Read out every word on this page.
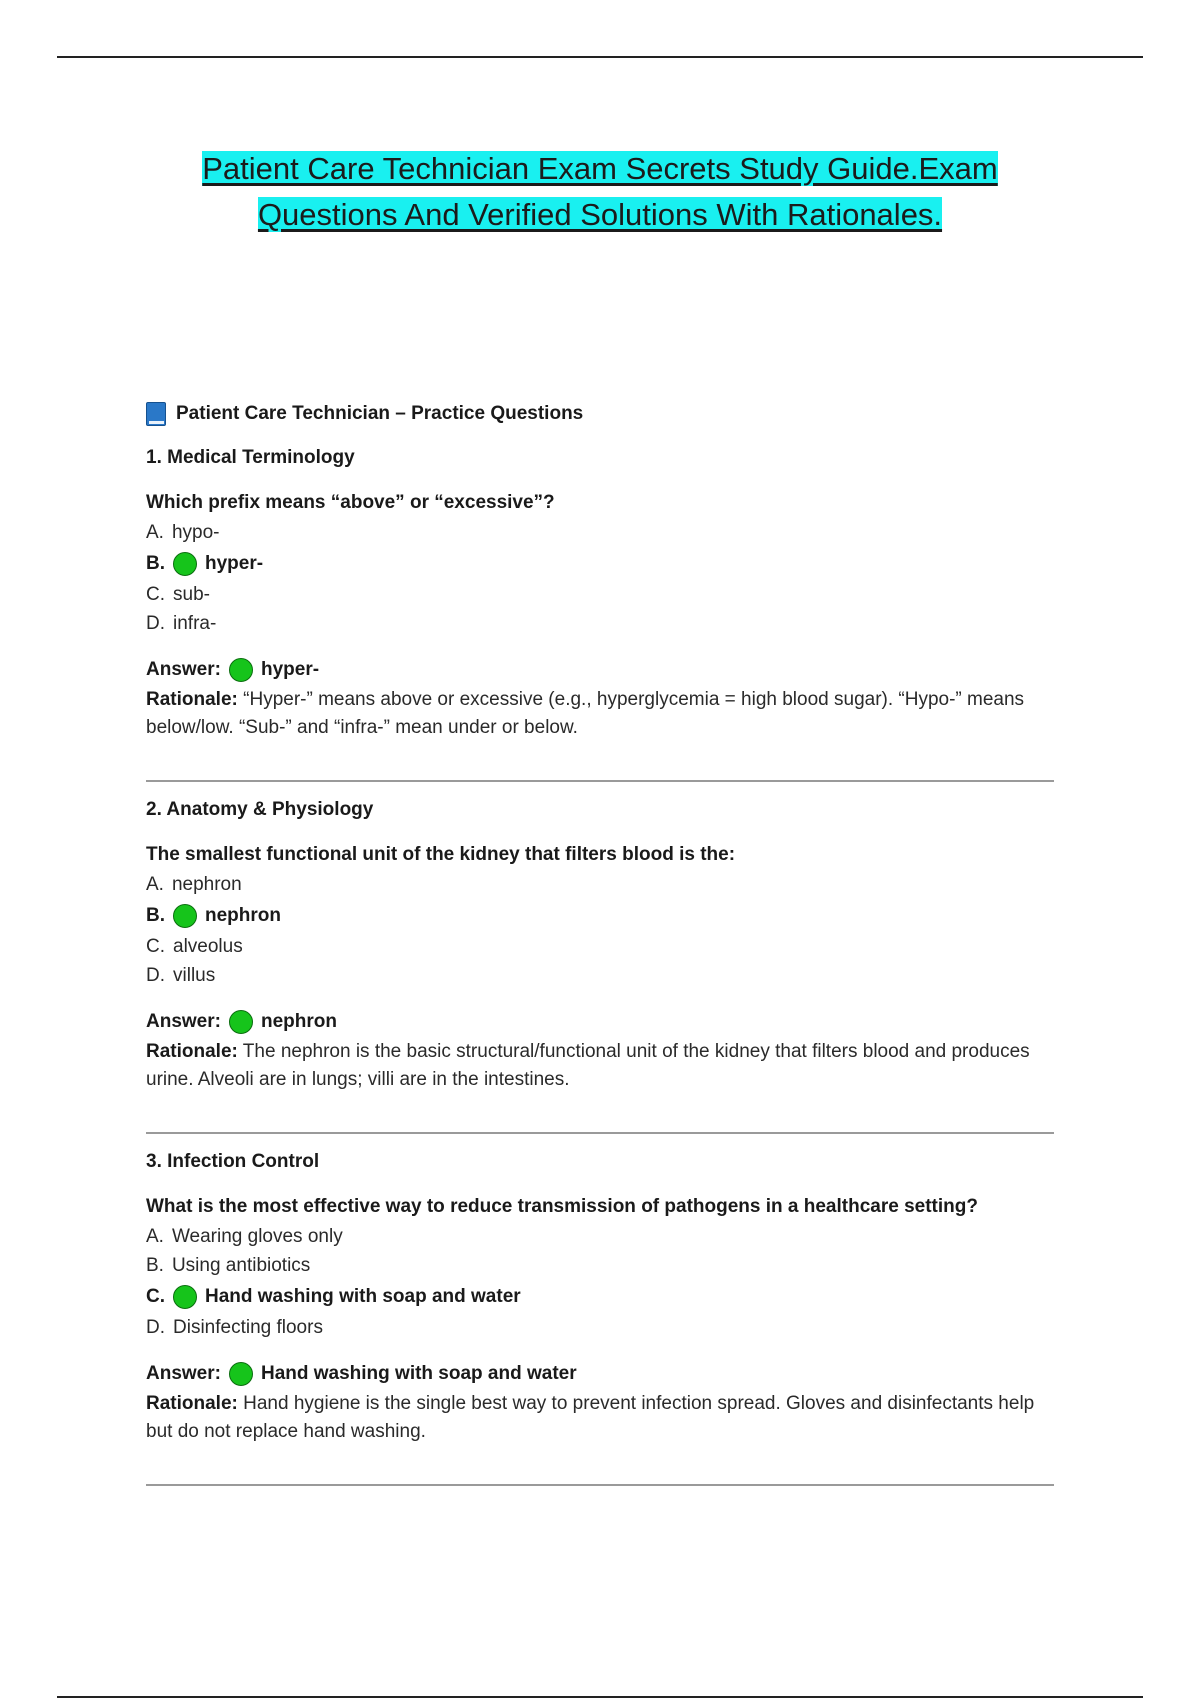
Patient Care Technician Exam Secrets Study Guide.Exam
Questions And Verified Solutions With Rationales.
Patient Care Technician – Practice Questions
1. Medical Terminology
Which prefix means “above” or “excessive”?
A. hypo-
B. hyper-
C. sub-
D. infra-
Answer: hyper-
Rationale: “Hyper-” means above or excessive (e.g., hyperglycemia = high blood sugar). “Hypo-” means below/low. “Sub-” and “infra-” mean under or below.
2. Anatomy & Physiology
The smallest functional unit of the kidney that filters blood is the:
A. nephron
B. nephron
C. alveolus
D. villus
Answer: nephron
Rationale: The nephron is the basic structural/functional unit of the kidney that filters blood and produces urine. Alveoli are in lungs; villi are in the intestines.
3. Infection Control
What is the most effective way to reduce transmission of pathogens in a healthcare setting?
A. Wearing gloves only
B. Using antibiotics
C. Hand washing with soap and water
D. Disinfecting floors
Answer: Hand washing with soap and water
Rationale: Hand hygiene is the single best way to prevent infection spread. Gloves and disinfectants help but do not replace hand washing.
